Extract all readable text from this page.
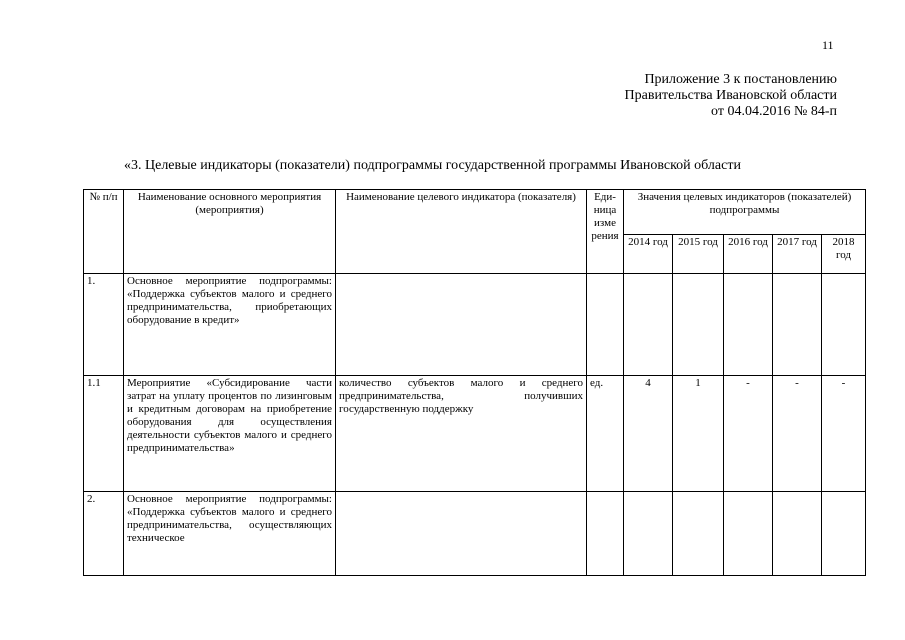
11
Приложение 3 к постановлению
Правительства Ивановской области
от 04.04.2016 № 84-п
«3. Целевые индикаторы (показатели) подпрограммы государственной программы Ивановской области
№ п/п	Наименование основного мероприятия (мероприятия)	Наименование целевого индикатора (показателя)	Еди-ница изме рения	Значения целевых индикаторов (показателей) подпрограммы				
				2014 год	2015 год	2016 год	2017 год	2018 год
1.	Основное мероприятие подпрограммы: «Поддержка субъектов малого и среднего предпринимательства, приобретающих оборудование в кредит»							
1.1	Мероприятие «Субсидирование части затрат на уплату процентов по лизинговым и кредитным договорам на приобретение оборудования для осуществления деятельности субъектов малого и среднего предпринимательства»	количество субъектов малого и среднего предпринимательства, получивших государственную поддержку	ед.	4	1	-	-	-
2.	Основное мероприятие подпрограммы: «Поддержка субъектов малого и среднего предпринимательства, осуществляющих техническое							
